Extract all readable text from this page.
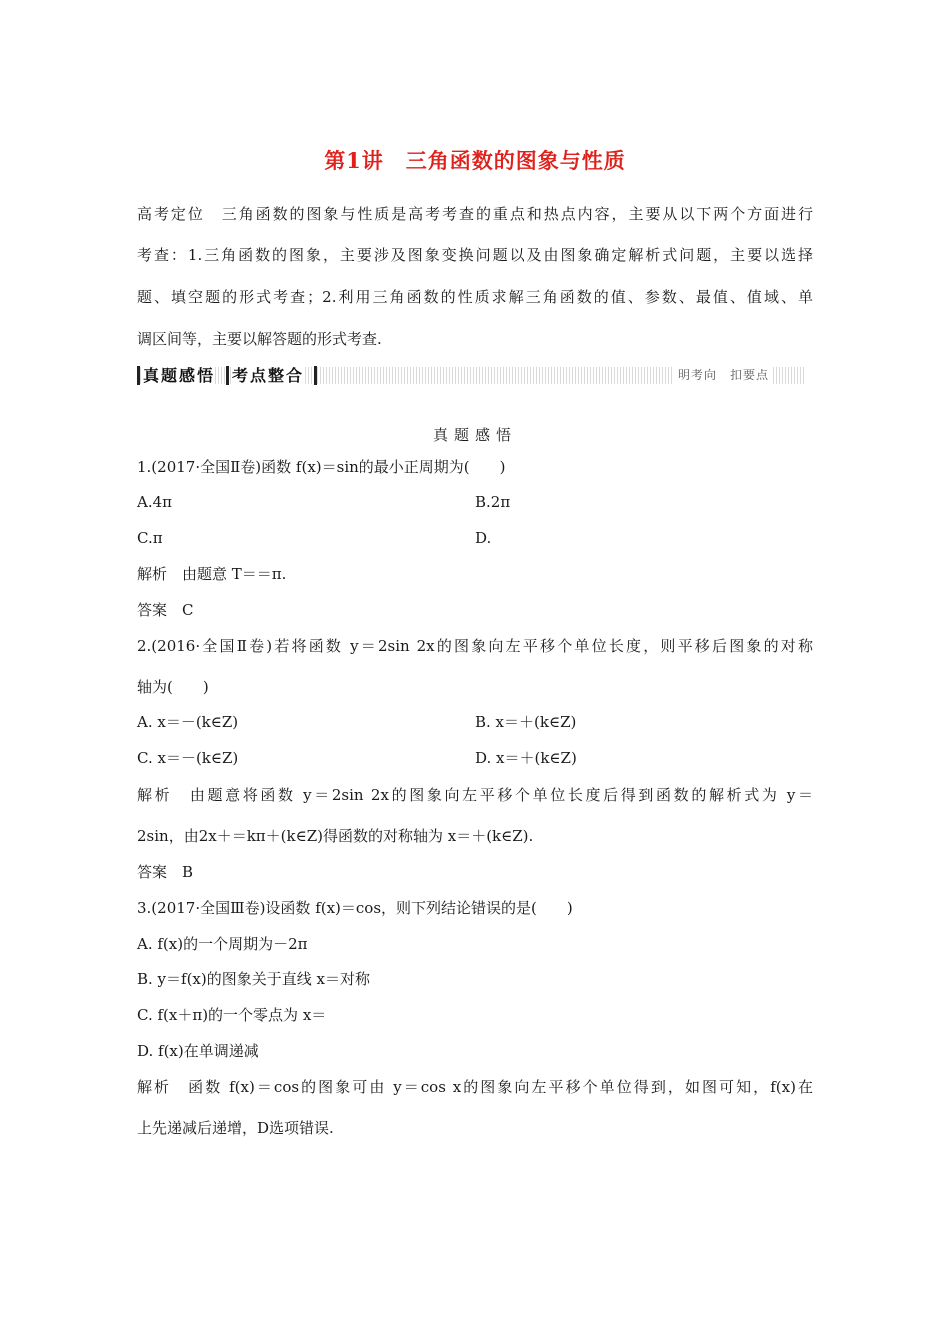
第1讲　三角函数的图象与性质
高考定位　三角函数的图象与性质是高考考查的重点和热点内容，主要从以下两个方面进行
考查：1.三角函数的图象，主要涉及图象变换问题以及由图象确定解析式问题，主要以选择
题、填空题的形式考查；2.利用三角函数的性质求解三角函数的值、参数、最值、值域、单
调区间等，主要以解答题的形式考查.
真题感悟 考点整合	明考向　扣要点
真题感悟
1.(2017·全国Ⅱ卷)函数 f(x)＝sin的最小正周期为(　　)
A.4π	B.2π
C.π	D.
解析　由题意 T＝＝π.
答案　C
2.(2016·全国Ⅱ卷)若将函数 y＝2sin 2x的图象向左平移个单位长度，则平移后图象的对称
轴为(　　)
A. x＝－(k∈Z)	B. x＝＋(k∈Z)
C. x＝－(k∈Z)	D. x＝＋(k∈Z)
解析　由题意将函数 y＝2sin 2x的图象向左平移个单位长度后得到函数的解析式为 y＝
2sin，由2x＋＝kπ＋(k∈Z)得函数的对称轴为 x＝＋(k∈Z).
答案　B
3.(2017·全国Ⅲ卷)设函数 f(x)＝cos，则下列结论错误的是(　　)
A. f(x)的一个周期为－2π
B. y＝f(x)的图象关于直线 x＝对称
C. f(x＋π)的一个零点为 x＝
D. f(x)在单调递减
解析　函数 f(x)＝cos的图象可由 y＝cos x的图象向左平移个单位得到，如图可知，f(x)在
上先递减后递增，D选项错误.
